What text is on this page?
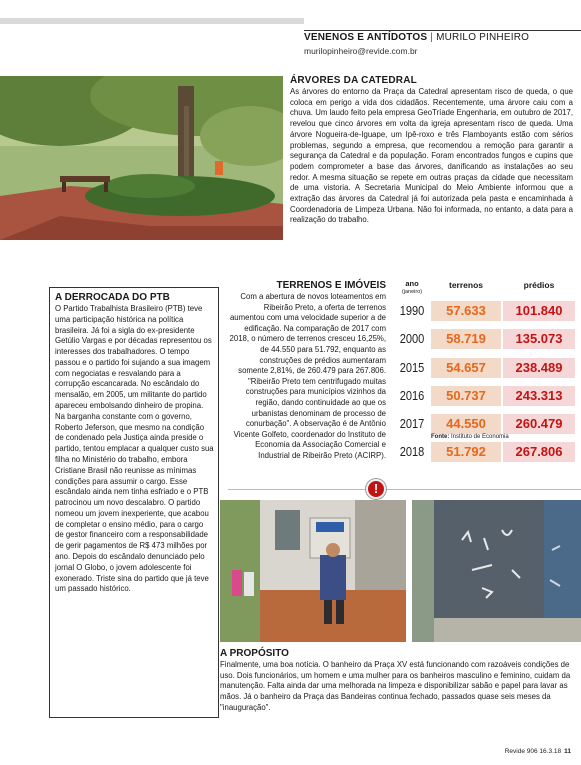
VENENOS E ANTÍDOTOS | MURILO PINHEIRO
murilopinheiro@revide.com.br
ÁRVORES DA CATEDRAL

As árvores do entorno da Praça da Catedral apresentam risco de queda, o que coloca em perigo a vida dos cidadãos. Recentemente, uma árvore caiu com a chuva. Um laudo feito pela empresa GeoTríade Engenharia, em outubro de 2017, revelou que cinco árvores em volta da igreja apresentam risco de queda. Uma árvore Nogueira-de-Iguape, um Ipê-roxo e três Flamboyants estão com sérios problemas, segundo a empresa, que recomendou a remoção para garantir a segurança da Catedral e da população. Foram encontrados fungos e cupins que podem comprometer a base das árvores, danificando as instalações ao seu redor. A mesma situação se repete em outras praças da cidade que necessitam de uma vistoria. A Secretaria Municipal do Meio Ambiente informou que a extração das árvores da Catedral já foi autorizada pela pasta e encaminhada à Coordenadoria de Limpeza Urbana. Não foi informada, no entanto, a data para a realização do trabalho.

A DERROCADA DO PTB

O Partido Trabalhista Brasileiro (PTB) teve uma participação histórica na política brasileira. Já foi a sigla do ex-presidente Getúlio Vargas e por décadas representou os interesses dos trabalhadores. O tempo passou e o partido foi sujando a sua imagem com negociatas e resvalando para a corrupção escancarada. No escândalo do mensalão, em 2005, um militante do partido apareceu embolsando dinheiro de propina. Na barganha constante com o governo, Roberto Jeferson, que mesmo na condição de condenado pela Justiça ainda preside o partido, tentou emplacar a qualquer custo sua filha no Ministério do trabalho, embora Cristiane Brasil não reunisse as mínimas condições para assumir o cargo. Esse escândalo ainda nem tinha esfriado e o PTB patrocinou um novo descalabro. O partido nomeou um jovem inexperiente, que acabou de completar o ensino médio, para o cargo de gestor financeiro com a responsabilidade de gerir pagamentos de R$ 473 milhões por ano. Depois do escândalo denunciado pelo jornal O Globo, o jovem adolescente foi exonerado. Triste sina do partido que já teve um passado histórico.

TERRENOS E IMÓVEIS

Com a abertura de novos loteamentos em Ribeirão Preto, a oferta de terrenos aumentou com uma velocidade superior a de edificação. Na comparação de 2017 com 2018, o número de terrenos cresceu 16,25%, de 44.550 para 51.792, enquanto as construções de prédios aumentaram somente 2,81%, de 260.479 para 267.806. "Ribeirão Preto tem centrifugado muitas construções para municípios vizinhos da região, dando continuidade ao que os urbanistas denominam de processo de conurbação". A observação é de Antônio Vicente Golfeto, coordenador do Instituto de Economia da Associação Comercial e Industrial de Ribeirão Preto (ACIRP).

ano
(janeiro)
terrenos	prédios
1990	57.633	101.840
2000	58.719	135.073
2015	54.657	238.489
2016	50.737	243.313
2017	44.550	260.479
2018	51.792	267.806
Fonte: Instituto de Economia
!
A PROPÓSITO

Finalmente, uma boa notícia. O banheiro da Praça XV está funcionando com razoáveis condições de uso. Dois funcionários, um homem e uma mulher para os banheiros masculino e feminino, cuidam da manutenção. Falta ainda dar uma melhorada na limpeza e disponibilizar sabão e papel para lavar as mãos. Já o banheiro da Praça das Bandeiras continua fechado, passados quase seis meses da "inauguração".

Revide 906 16.3.18 11
